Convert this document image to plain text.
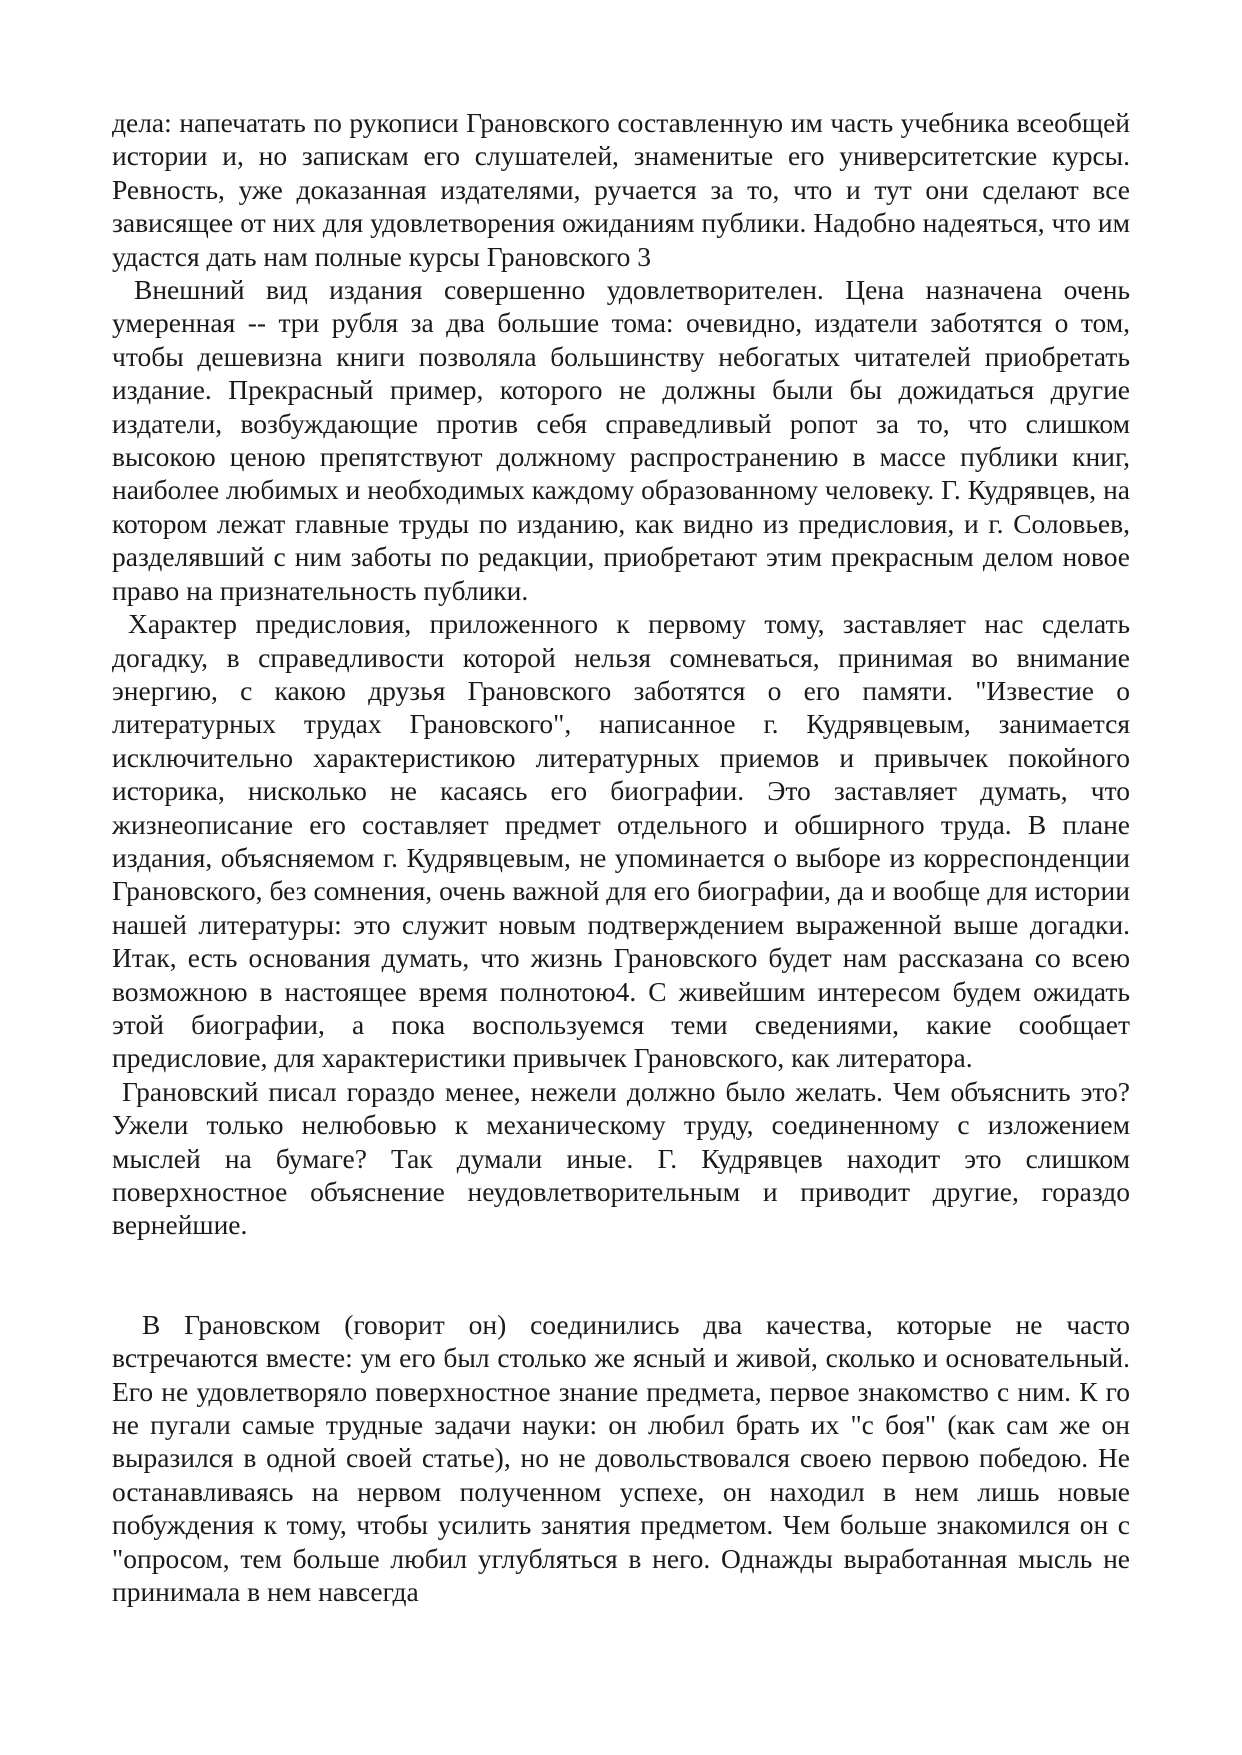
дела: напечатать по рукописи Грановского составленную им часть учебника всеобщей истории и, но запискам его слушателей, знаменитые его университетские курсы. Ревность, уже доказанная издателями, ручается за то, что и тут они сделают все зависящее от них для удовлетворения ожиданиям публики. Надобно надеяться, что им удастся дать нам полные курсы Грановского 3

Внешний вид издания совершенно удовлетворителен. Цена назначена очень умеренная -- три рубля за два большие тома: очевидно, издатели заботятся о том, чтобы дешевизна книги позволяла большинству небогатых читателей приобретать издание. Прекрасный пример, которого не должны были бы дожидаться другие издатели, возбуждающие против себя справедливый ропот за то, что слишком высокою ценою препятствуют должному распространению в массе публики книг, наиболее любимых и необходимых каждому образованному человеку. Г. Кудрявцев, на котором лежат главные труды по изданию, как видно из предисловия, и г. Соловьев, разделявший с ним заботы по редакции, приобретают этим прекрасным делом новое право на признательность публики.

Характер предисловия, приложенного к первому тому, заставляет нас сделать догадку, в справедливости которой нельзя сомневаться, принимая во внимание энергию, с какою друзья Грановского заботятся о его памяти. "Известие о литературных трудах Грановского", написанное г. Кудрявцевым, занимается исключительно характеристикою литературных приемов и привычек покойного историка, нисколько не касаясь его биографии. Это заставляет думать, что жизнеописание его составляет предмет отдельного и обширного труда. В плане издания, объясняемом г. Кудрявцевым, не упоминается о выборе из корреспонденции Грановского, без сомнения, очень важной для его биографии, да и вообще для истории нашей литературы: это служит новым подтверждением выраженной выше догадки. Итак, есть основания думать, что жизнь Грановского будет нам рассказана со всею возможною в настоящее время полнотою4. С живейшим интересом будем ожидать этой биографии, а пока воспользуемся теми сведениями, какие сообщает предисловие, для характеристики привычек Грановского, как литератора.

Грановский писал гораздо менее, нежели должно было желать. Чем объяснить это? Ужели только нелюбовью к механическому труду, соединенному с изложением мыслей на бумаге? Так думали иные. Г. Кудрявцев находит это слишком поверхностное объяснение неудовлетворительным и приводит другие, гораздо вернейшие.

В Грановском (говорит он) соединились два качества, которые не часто встречаются вместе: ум его был столько же ясный и живой, сколько и основательный. Его не удовлетворяло поверхностное знание предмета, первое знакомство с ним. К го не пугали самые трудные задачи науки: он любил брать их "с боя" (как сам же он выразился в одной своей статье), но не довольствовался своею первою победою. Не останавливаясь на нервом полученном успехе, он находил в нем лишь новые побуждения к тому, чтобы усилить занятия предметом. Чем больше знакомился он с "опросом, тем больше любил углубляться в него. Однажды выработанная мысль не принимала в нем навсегда
